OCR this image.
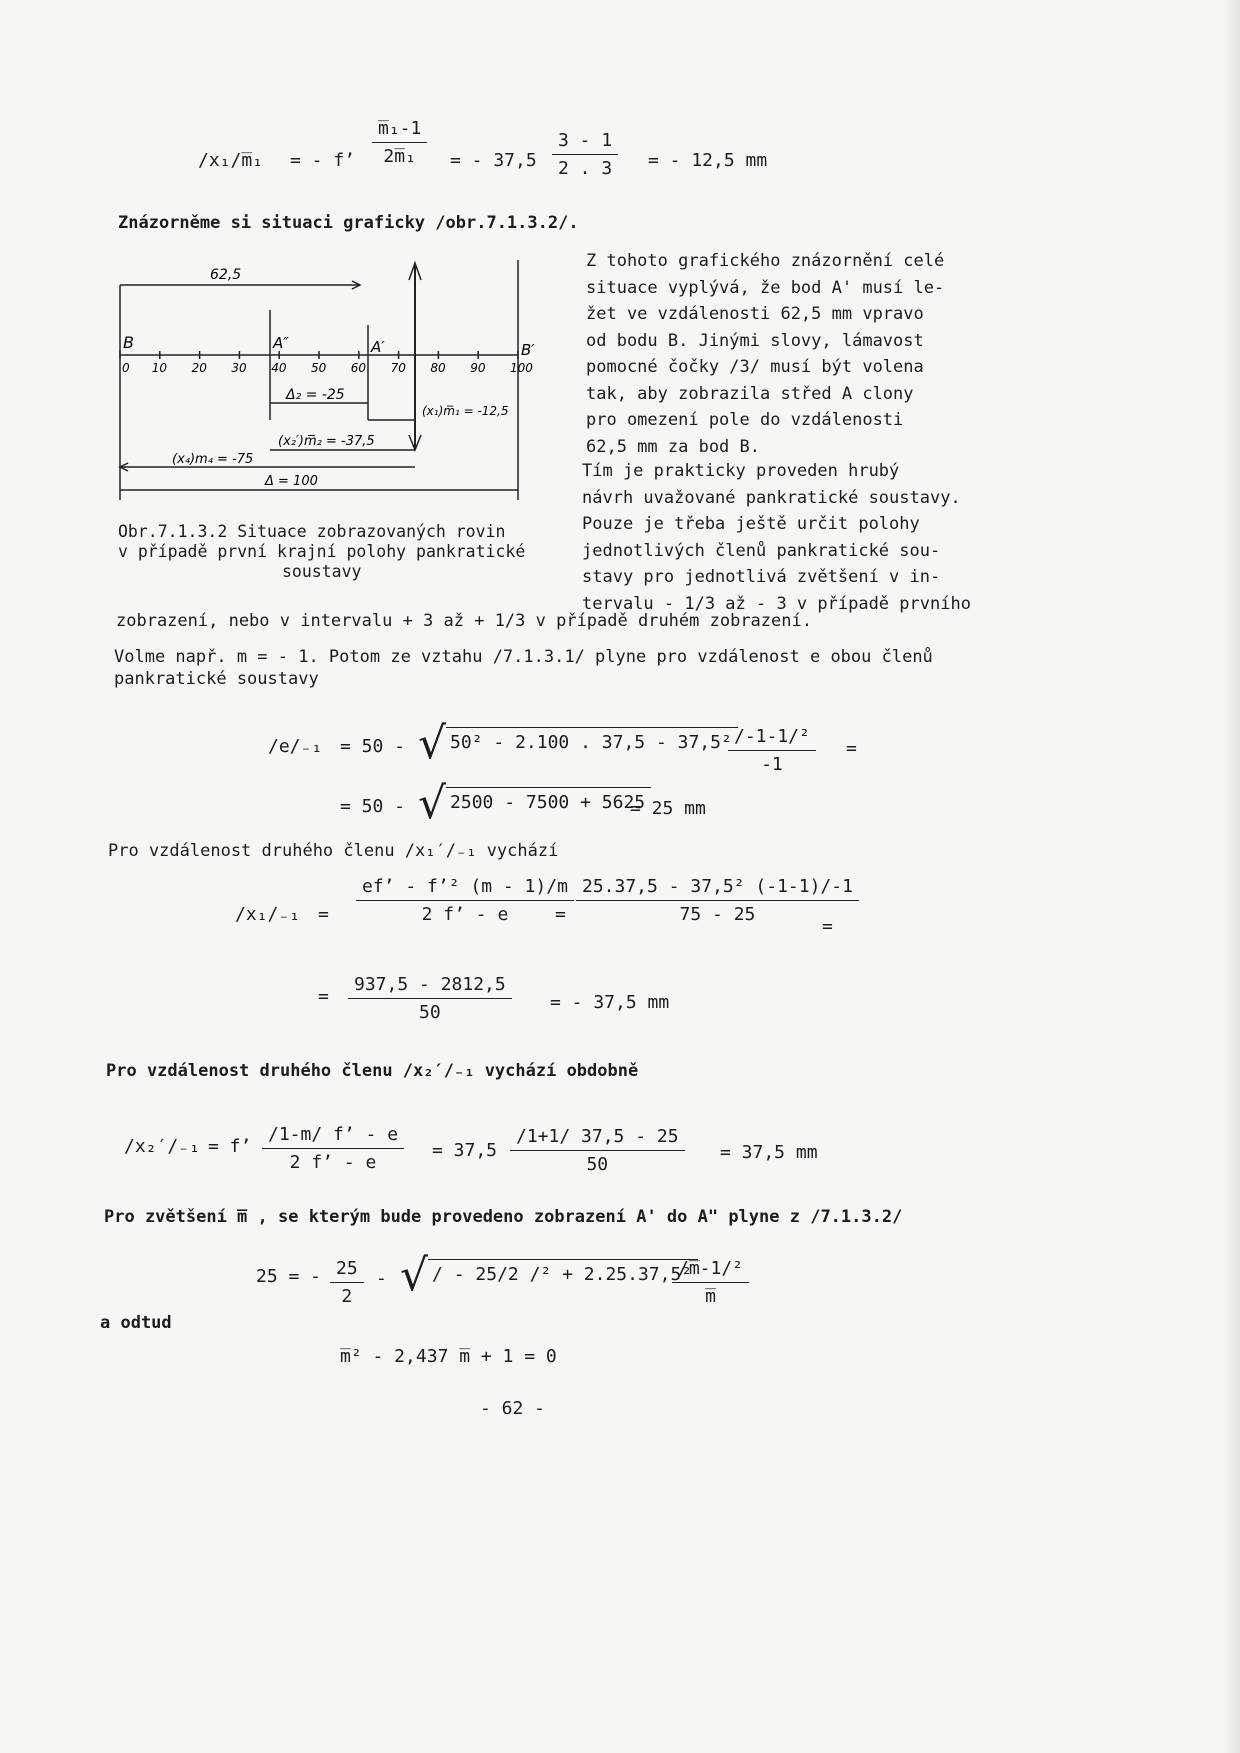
/x₁/m̅₁ = - f’ $\frac{\text{m̅₁-1}}{\text{2m̅₁}}$ = - $37,5 \frac{3 - 1}{2 . 3}$ = - 12,5 mm
Znázorněme si situaci graficky /obr.7.1.3.2/.
0 10 20 30 40 50 60 70 80 90 100
62,5
B	A″	A′	B′
Δ₂ = -25
(x₁)m̅₁ = -12,5
(x₂′)m̅₂ = -37,5
(x₄)m₄ = -75
Δ = 100
Obr.7.1.3.2 Situace zobrazovaných rovin
v případě první krajní polohy pankratické
soustavy
Z tohoto grafického znázornění celé
situace vyplývá, že bod A' musí le-
žet ve vzdálenosti 62,5 mm vpravo
od bodu B. Jinými slovy, lámavost
pomocné čočky /3/ musí být volena
tak, aby zobrazila střed A clony
pro omezení pole do vzdálenosti
62,5 mm za bod B.
Tím je prakticky proveden hrubý
návrh uvažované pankratické soustavy.
Pouze je třeba ještě určit polohy
jednotlivých členů pankratické sou-
stavy pro jednotlivá zvětšení v in-
tervalu - 1/3 až - 3 v případě prvního
zobrazení, nebo v intervalu + 3 až + 1/3 v případě druhém zobrazení.
Volme např. m = - 1. Potom ze vztahu /7.1.3.1/ plyne pro vzdálenost e obou členů
pankratické soustavy
/e/₋₁ = 50 - √ 50² - 2.100 . 37,5 - 37,5²
$\frac{\text{/-1-1/²}}{-1}$ =
= 50 - √ 2500 - 7500 + 5625
= 25 mm
Pro vzdálenost druhého členu /x₁′/₋₁ vychází
$/x_1/_{-1} = \frac{\text{ef’ - f’² (m - 1)/m}}{2 f’ - e}$
= $\frac{\text{25.37,5 - 37,5² (-1-1)/-1}}{75 - 25}$
=
= $\frac{937,5 - 2812,5}{50}$ = - 37,5 mm
Pro vzdálenost druhého členu /x₂′/₋₁ vychází obdobně
/x₂′/₋₁ = f’ $\frac{/1-m/ f’ - e}{2 f’ - e} = 37,5 \frac{/1+1/ 37,5 - 25}{50} = 37,5$ mm
Pro zvětšení m̅ , se kterým bude provedeno zobrazení A' do A" plyne z /7.1.3.2/
25 = - $\frac{25}{2}$ - √ / - 25/2 /² + 2.25.37,5²
$\frac{\text{/m̅-1/²}}{m̅}$
a odtud
m̅² - 2,437 m̅ + 1 = 0
- 62 -
